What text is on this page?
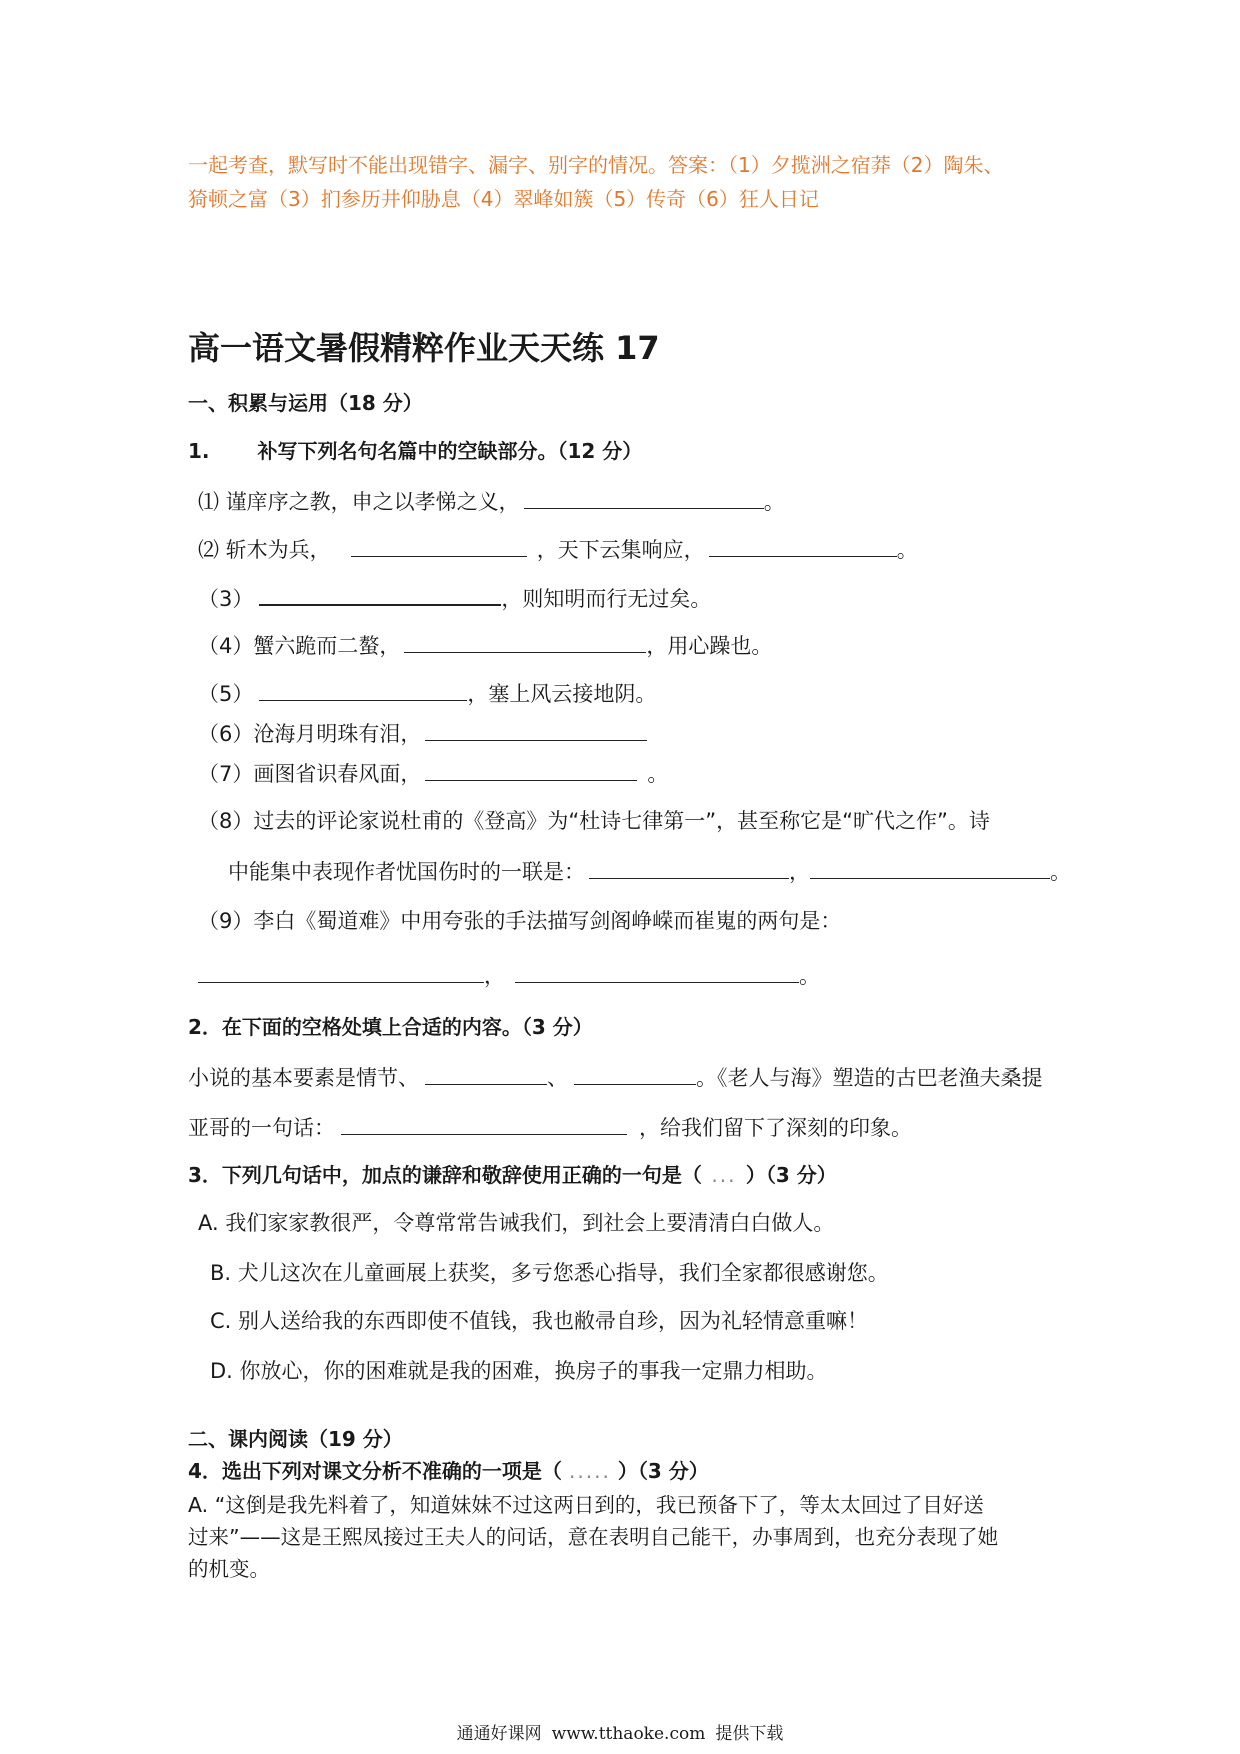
一起考查，默写时不能出现错字、漏字、别字的情况。答案：（1）夕揽洲之宿莽（2）陶朱、
猗顿之富（3）扪参历井仰胁息（4）翠峰如簇（5）传奇（6）狂人日记
高一语文暑假精粹作业天天练 17
一、积累与运用（18 分）
1. 补写下列名句名篇中的空缺部分。（12 分）
⑴ 谨庠序之教，申之以孝悌之义，	。
⑵ 斩木为兵，	，天下云集响应，	。
（3）	，则知明而行无过矣。
（4）蟹六跪而二螯，	，用心躁也。
（5）	，塞上风云接地阴。
（6）沧海月明珠有泪，
（7）画图省识春风面，	。
（8）过去的评论家说杜甫的《登高》为“杜诗七律第一”，甚至称它是“旷代之作”。诗
中能集中表现作者忧国伤时的一联是：	，	。
（9）李白《蜀道难》中用夸张的手法描写剑阁峥嵘而崔嵬的两句是：
，	。
2．在下面的空格处填上合适的内容。（3 分）
小说的基本要素是情节、	、	。《老人与海》塑造的古巴老渔夫桑提
亚哥的一句话：	，给我们留下了深刻的印象。
3．下列几句话中，加点的谦辞和敬辞使用正确的一句是（ ... ）（3 分）
A. 我们家家教很严，令尊常常告诫我们，到社会上要清清白白做人。
B. 犬儿这次在儿童画展上获奖，多亏您悉心指导，我们全家都很感谢您。
C. 别人送给我的东西即使不值钱，我也敝帚自珍，因为礼轻情意重嘛！
D. 你放心，你的困难就是我的困难，换房子的事我一定鼎力相助。
二、课内阅读（19 分）
4．选出下列对课文分析不准确的一项是（ ..... ）（3 分）
A. “这倒是我先料着了，知道妹妹不过这两日到的，我已预备下了，等太太回过了目好送
过来”——这是王熙凤接过王夫人的问话，意在表明自己能干，办事周到，也充分表现了她
的机变。
通通好课网 www.tthaoke.com 提供下载
